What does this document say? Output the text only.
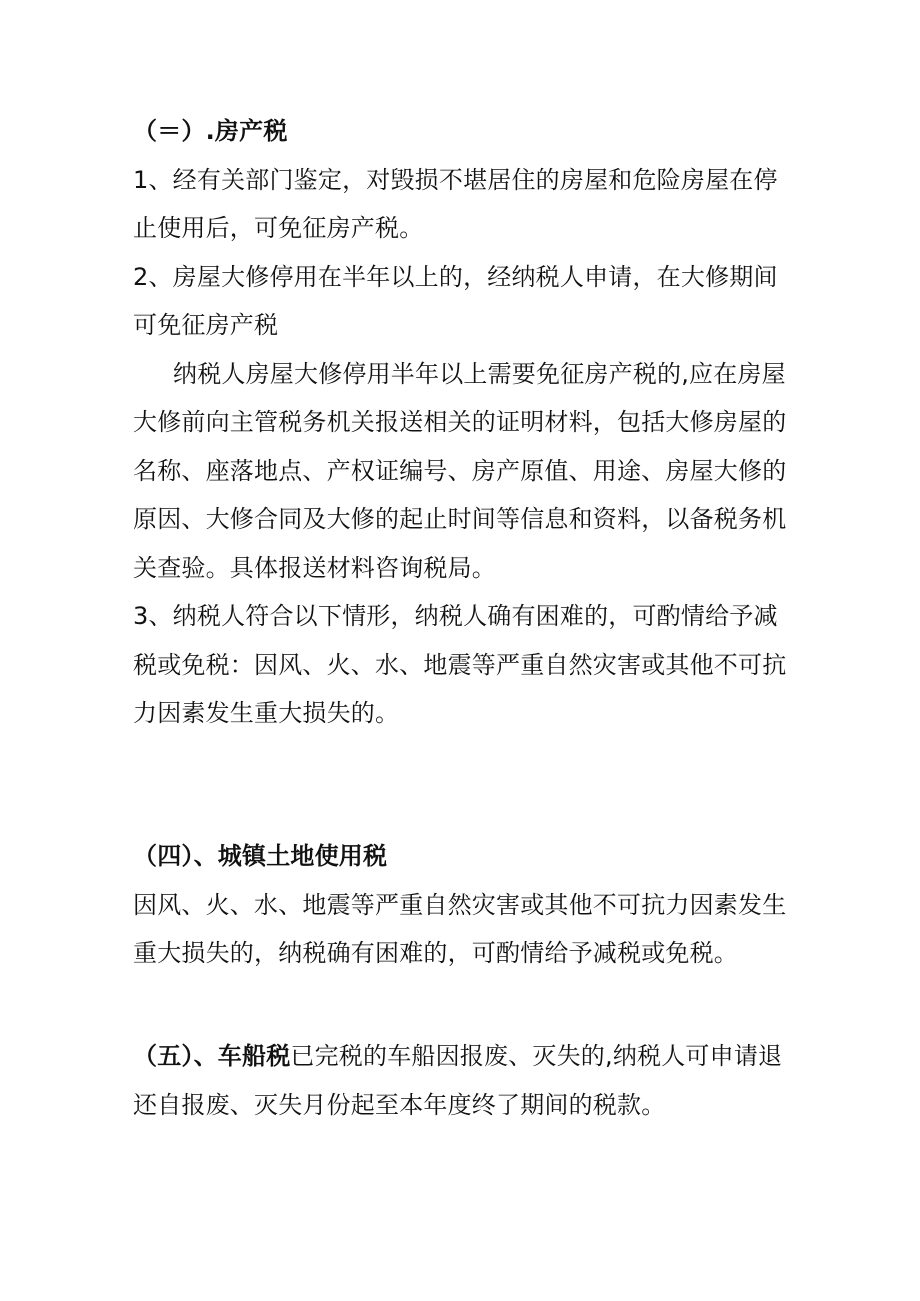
（＝）.房产税

1、经有关部门鉴定，对毁损不堪居住的房屋和危险房屋在停止使用后，可免征房产税。

2、房屋大修停用在半年以上的，经纳税人申请，在大修期间可免征房产税

纳税人房屋大修停用半年以上需要免征房产税的,应在房屋大修前向主管税务机关报送相关的证明材料，包括大修房屋的名称、座落地点、产权证编号、房产原值、用途、房屋大修的原因、大修合同及大修的起止时间等信息和资料，以备税务机关查验。具体报送材料咨询税局。

3、纳税人符合以下情形，纳税人确有困难的，可酌情给予减税或免税：因风、火、水、地震等严重自然灾害或其他不可抗力因素发生重大损失的。

（四）、城镇土地使用税

因风、火、水、地震等严重自然灾害或其他不可抗力因素发生重大损失的，纳税确有困难的，可酌情给予减税或免税。

（五）、车船税已完税的车船因报废、灭失的,纳税人可申请退还自报废、灭失月份起至本年度终了期间的税款。
